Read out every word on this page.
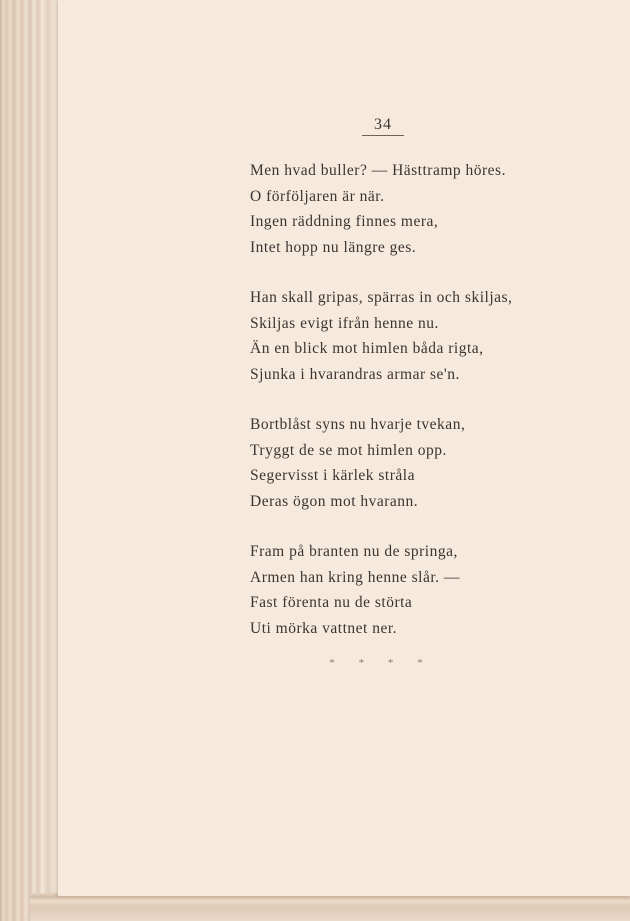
34
Men hvad buller? — Hästtramp höres.
O förföljaren är när.
Ingen räddning finnes mera,
Intet hopp nu längre ges.
Han skall gripas, spärras in och skiljas,
Skiljas evigt ifrån henne nu.
Än en blick mot himlen båda rigta,
Sjunka i hvarandras armar se'n.
Bortblåst syns nu hvarje tvekan,
Tryggt de se mot himlen opp.
Segervisst i kärlek stråla
Deras ögon mot hvarann.
Fram på branten nu de springa,
Armen han kring henne slår. —
Fast förenta nu de störta
Uti mörka vattnet ner.
* * * *
